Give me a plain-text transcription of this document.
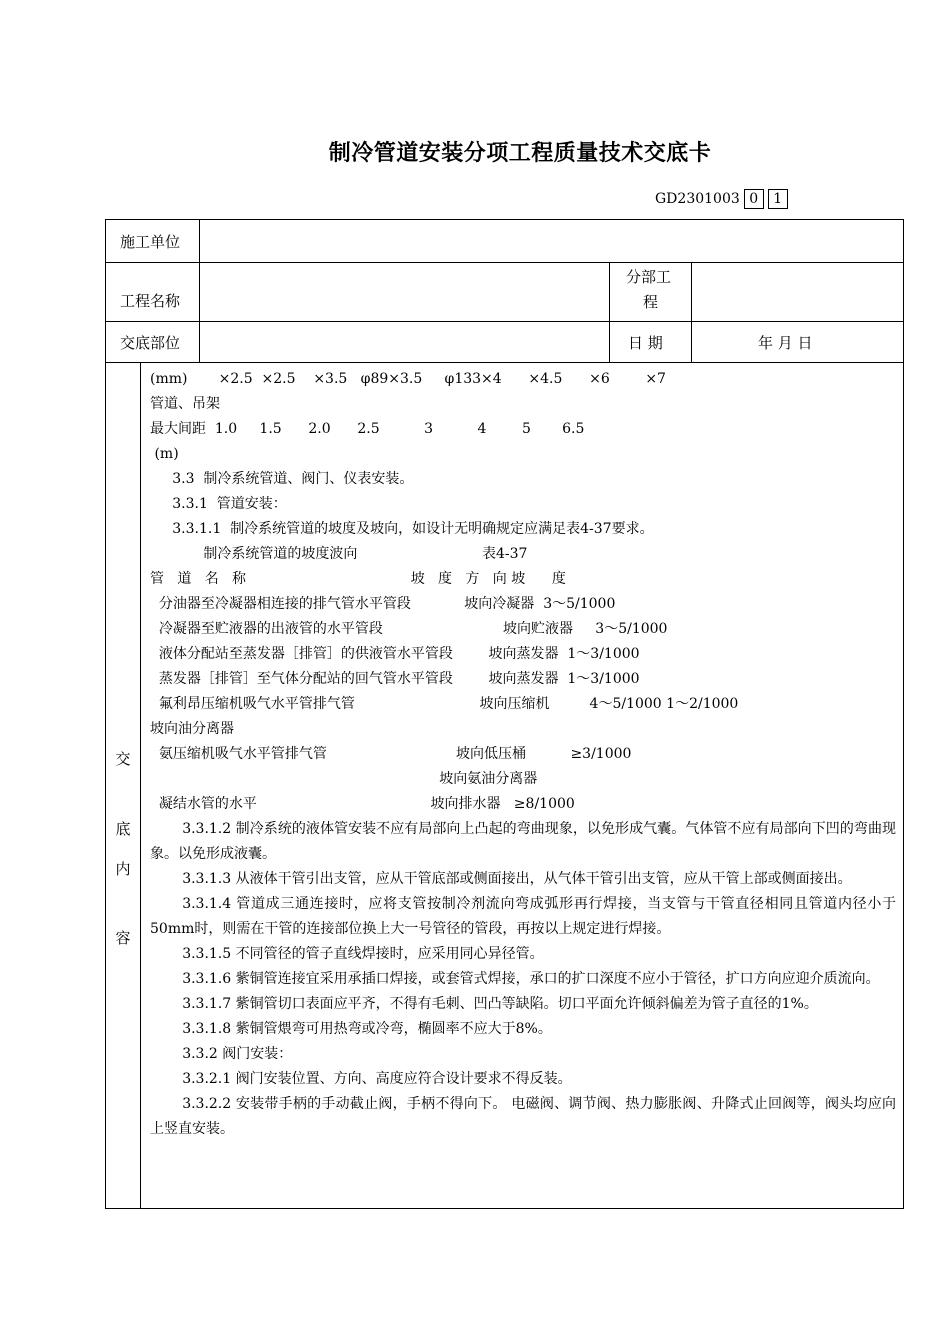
制冷管道安装分项工程质量技术交底卡
GD2301003 0	1
施工单位
工程名称
分部工
程
交底部位	日 期	年 月 日
交
底
内
容
(mm)       ×2.5  ×2.5    ×3.5   φ89×3.5     φ133×4      ×4.5      ×6        ×7
管道、吊架
最大间距  1.0     1.5      2.0      2.5          3          4        5       6.5
(m)
3.3  制冷系统管道、阀门、仪表安装。
3.3.1  管道安装：
3.3.1.1  制冷系统管道的坡度及坡向，如设计无明确规定应满足表4-37要求。
制冷系统管道的坡度波向                            表4-37
管   道   名   称                                     坡   度   方   向 坡      度
分油器至冷凝器相连接的排气管水平管段            坡向冷凝器  3～5/1000
冷凝器至贮液器的出液管的水平管段                           坡向贮液器     3～5/1000
液体分配站至蒸发器［排管］的供液管水平管段        坡向蒸发器  1～3/1000
蒸发器［排管］至气体分配站的回气管水平管段        坡向蒸发器  1～3/1000
氟利昂压缩机吸气水平管排气管                            坡向压缩机         4～5/1000 1～2/1000
坡向油分离器
氨压缩机吸气水平管排气管                             坡向低压桶          ≥3/1000
坡向氨油分离器
凝结水管的水平                                       坡向排水器   ≥8/1000
3.3.1.2 制冷系统的液体管安装不应有局部向上凸起的弯曲现象，以免形成气囊。气体管不应有局部向下凹的弯曲现象。以免形成液囊。
3.3.1.3 从液体干管引出支管，应从干管底部或侧面接出，从气体干管引出支管，应从干管上部或侧面接出。
3.3.1.4 管道成三通连接时，应将支管按制冷剂流向弯成弧形再行焊接，当支管与干管直径相同且管道内径小于50mm时，则需在干管的连接部位换上大一号管径的管段，再按以上规定进行焊接。
3.3.1.5 不同管径的管子直线焊接时，应采用同心异径管。
3.3.1.6 紫铜管连接宜采用承插口焊接，或套管式焊接，承口的扩口深度不应小于管径，扩口方向应迎介质流向。
3.3.1.7 紫铜管切口表面应平齐，不得有毛刺、凹凸等缺陷。切口平面允许倾斜偏差为管子直径的1%。
3.3.1.8 紫铜管煨弯可用热弯或冷弯，椭圆率不应大于8%。
3.3.2 阀门安装：
3.3.2.1 阀门安装位置、方向、高度应符合设计要求不得反装。
3.3.2.2 安装带手柄的手动截止阀，手柄不得向下。 电磁阀、调节阀、热力膨胀阀、升降式止回阀等，阀头均应向上竖直安装。
